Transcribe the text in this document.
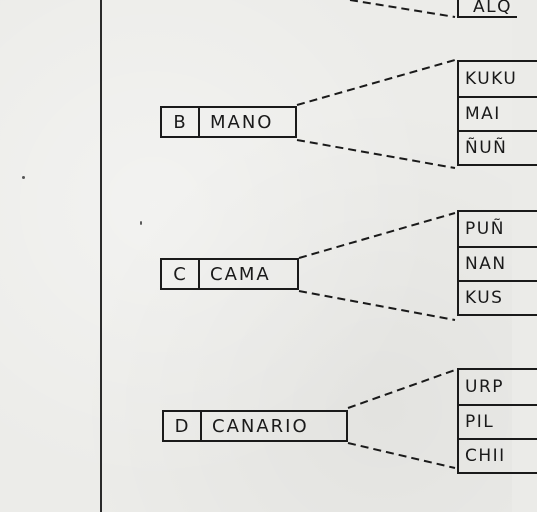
ALQ
B	MANO
KUKU
MAI
ÑUÑ
C	CAMA
PUÑ
NAN
KUS
D	CANARIO
URP
PIL
CHII
